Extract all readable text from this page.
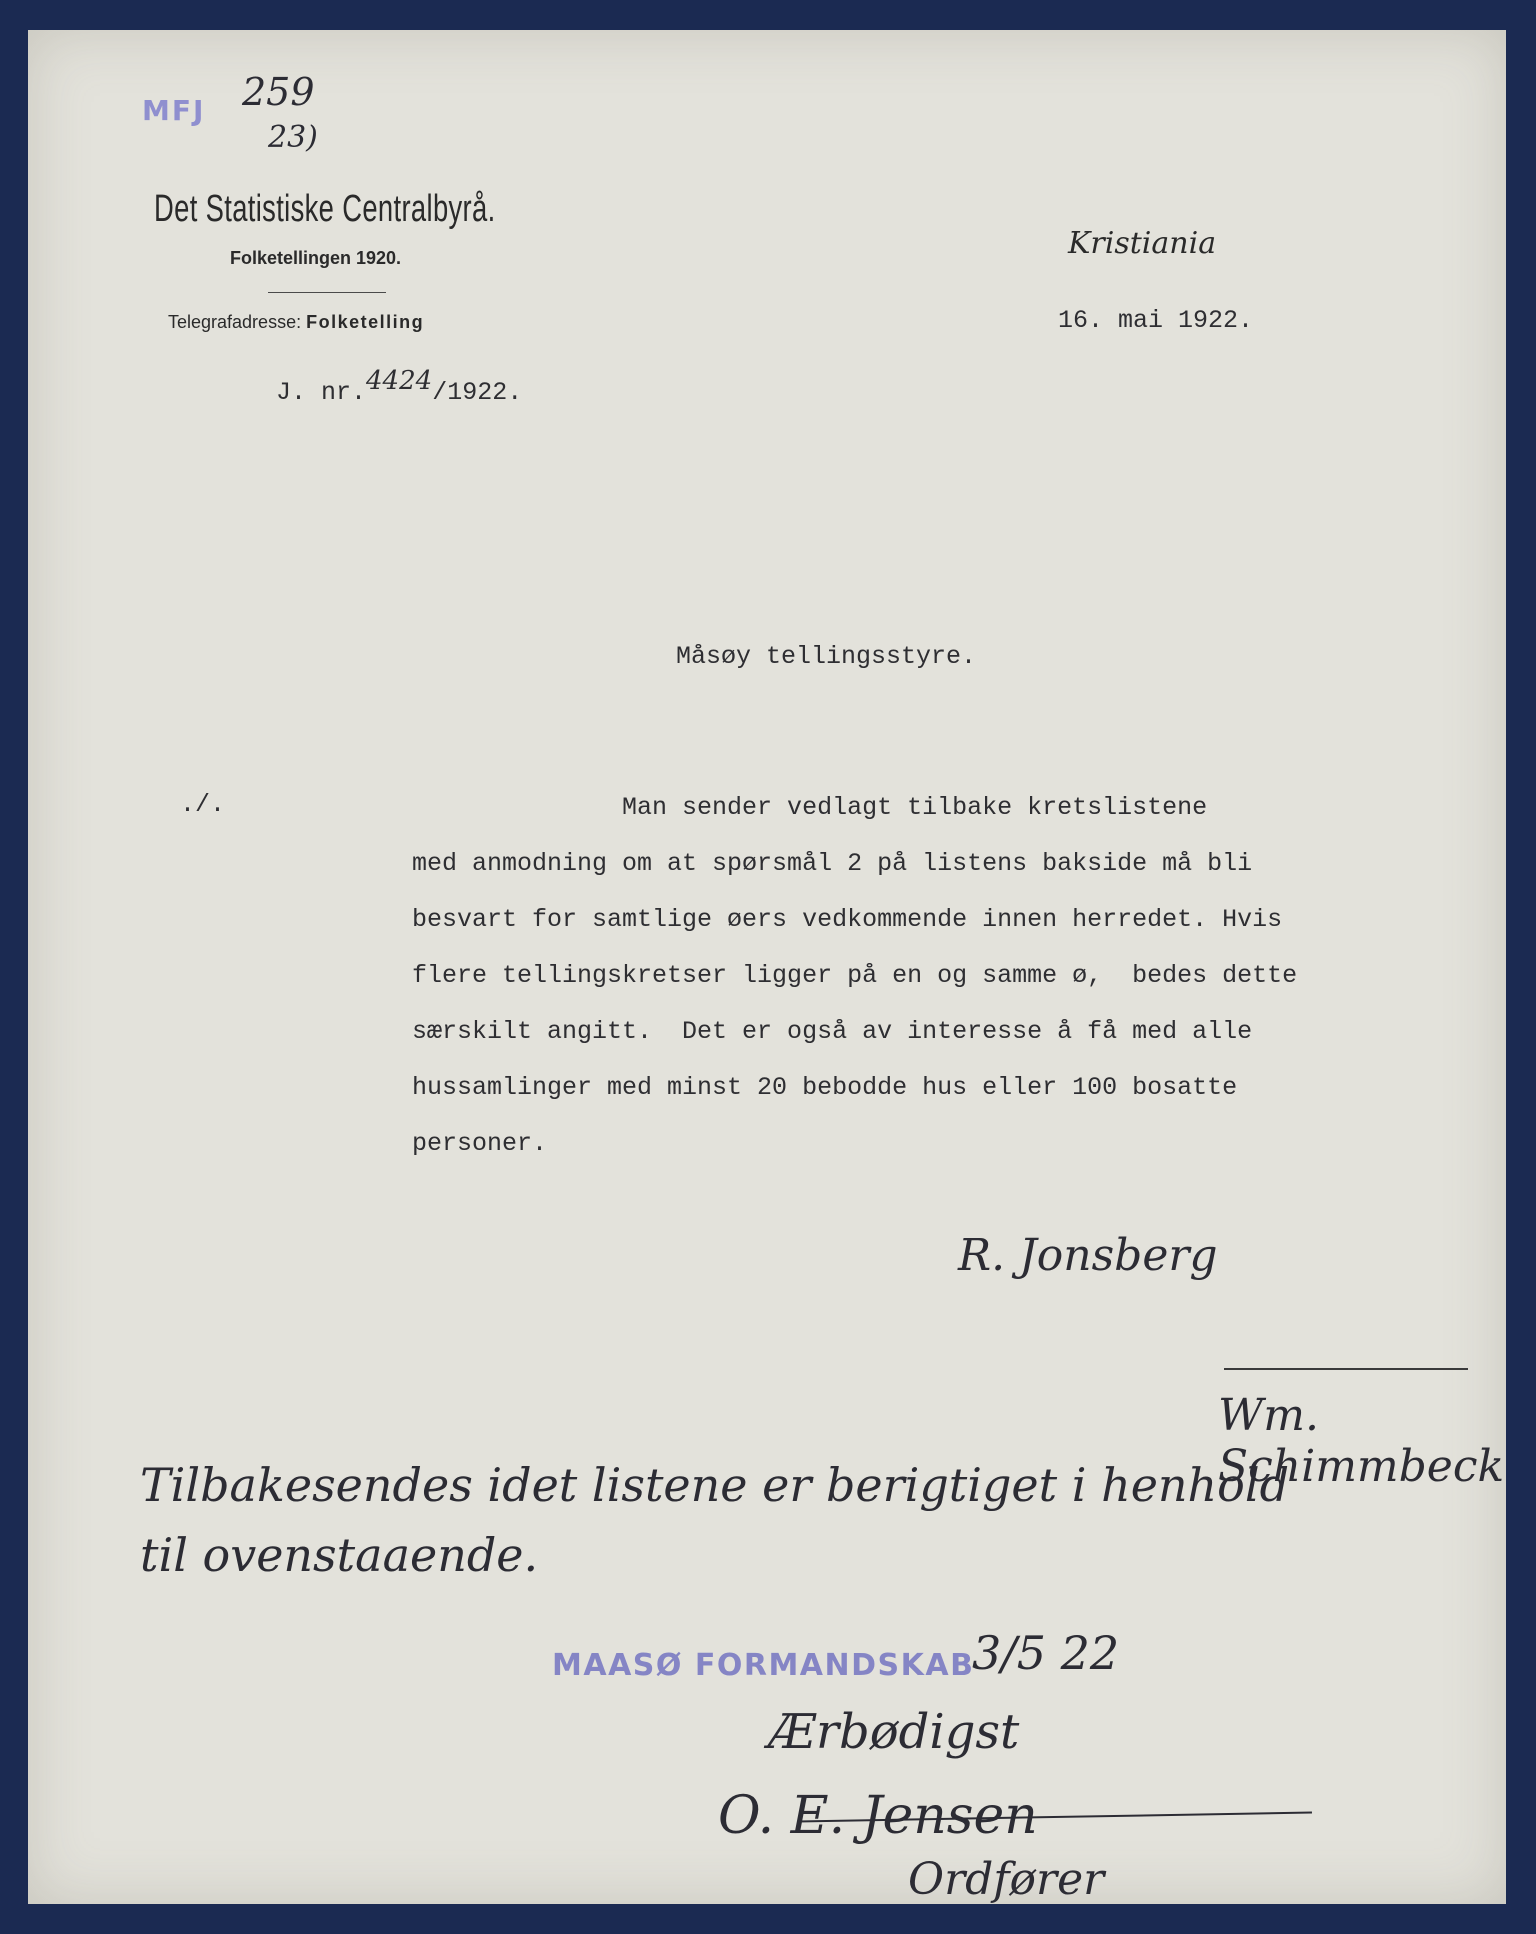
MFJ 259
23)
Det Statistiske Centralbyrå.
Folketellingen 1920.
Telegrafadresse: Folketelling
Kristiania
16. mai 1922.
J. nr.4424/1922.
Måsøy tellingsstyre.
./.	Man sender vedlagt tilbake kretslistene
med anmodning om at spørsmål 2 på listens bakside må bli
besvart for samtlige øers vedkommende innen herredet. Hvis
flere tellingskretser ligger på en og samme ø,  bedes dette
særskilt angitt.  Det er også av interesse å få med alle
hussamlinger med minst 20 bebodde hus eller 100 bosatte
personer.
R. Jonsberg
Wm. Schimmbeck
Tilbakesendes idet listene er berigtiget i henhold
til ovenstaaende.
MAASØ FORMANDSKAB
3/5 22
Ærbødigst
O. E. Jensen
Ordfører
